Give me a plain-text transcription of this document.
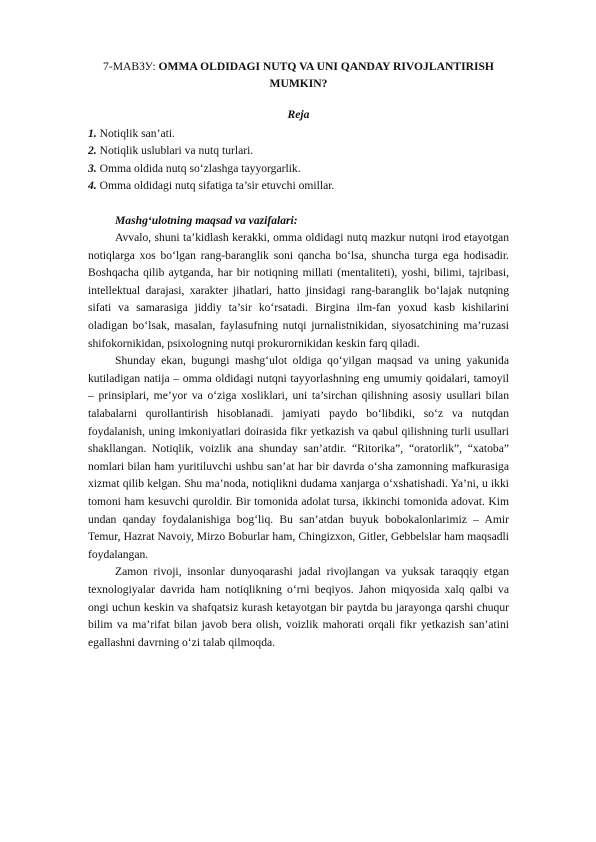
7-МАВЗУ: OMMA OLDIDAGI NUTQ VA UNI QANDAY RIVOJLANTIRISH MUMKIN?
Reja
1. Notiqlik san’ati.
2. Notiqlik uslublari va nutq turlari.
3. Omma oldida nutq so‘zlashga tayyorgarlik.
4. Omma oldidagi nutq sifatiga ta’sir etuvchi omillar.
Mashg‘ulotning maqsad va vazifalari:

Avvalo, shuni ta’kidlash kerakki, omma oldidagi nutq mazkur nutqni irod etayotgan notiqlarga xos bo‘lgan rang-baranglik soni qancha bo‘lsa, shuncha turga ega hodisadir. Boshqacha qilib aytganda, har bir notiqning millati (mentaliteti), yoshi, bilimi, tajribasi, intellektual darajasi, xarakter jihatlari, hatto jinsidagi rang-baranglik bo‘lajak nutqning sifati va samarasiga jiddiy ta’sir ko‘rsatadi. Birgina ilm-fan yoxud kasb kishilarini oladigan bo‘lsak, masalan, faylasufning nutqi jurnalistnikidan, siyosatchining ma’ruzasi shifokornikidan, psixologning nutqi prokurornikidan keskin farq qiladi.

Shunday ekan, bugungi mashg‘ulot oldiga qo‘yilgan maqsad va uning yakunida kutiladigan natija – omma oldidagi nutqni tayyorlashning eng umumiy qoidalari, tamoyil – prinsiplari, me’yor va o‘ziga xosliklari, uni ta’sirchan qilishning asosiy usullari bilan talabalarni qurollantirish hisoblanadi. jamiyati paydo bo‘libdiki, so‘z va nutqdan foydalanish, uning imkoniyatlari doirasida fikr yetkazish va qabul qilishning turli usullari shakllangan. Notiqlik, voizlik ana shunday san’atdir. “Ritorika”, “oratorlik”, “xatoba” nomlari bilan ham yuritiluvchi ushbu san’at har bir davrda o‘sha zamonning mafkurasiga xizmat qilib kelgan. Shu ma’noda, notiqlikni dudama xanjarga o‘xshatishadi. Ya’ni, u ikki tomoni ham kesuvchi quroldir. Bir tomonida adolat tursa, ikkinchi tomonida adovat. Kim undan qanday foydalanishiga bog‘liq. Bu san’atdan buyuk bobokalonlarimiz – Amir Temur, Hazrat Navoiy, Mirzo Boburlar ham, Chingizxon, Gitler, Gebbelslar ham maqsadli foydalangan.

Zamon rivoji, insonlar dunyoqarashi jadal rivojlangan va yuksak taraqqiy etgan texnologiyalar davrida ham notiqlikning o‘rni beqiyos. Jahon miqyosida xalq qalbi va ongi uchun keskin va shafqatsiz kurash ketayotgan bir paytda bu jarayonga qarshi chuqur bilim va ma’rifat bilan javob bera olish, voizlik mahorati orqali fikr yetkazish san’atini egallashni davrning o‘zi talab qilmoqda.
